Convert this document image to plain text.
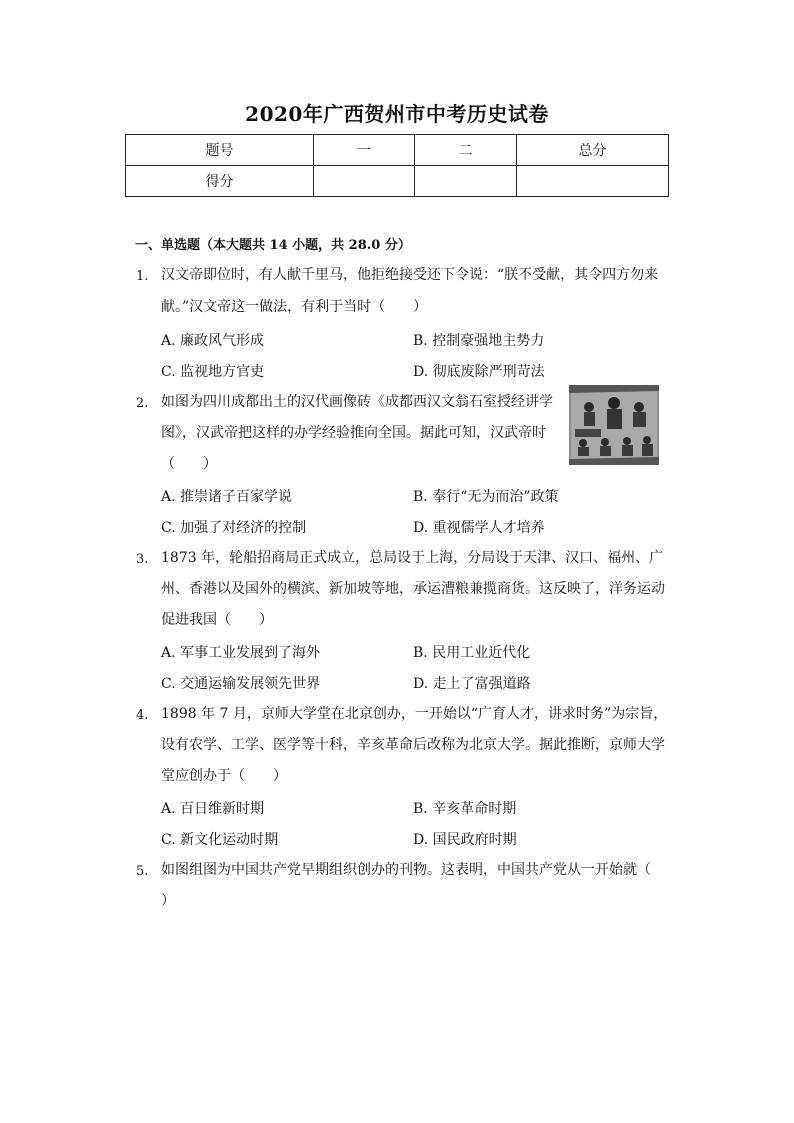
2020年广西贺州市中考历史试卷
题号	一	二	总分
得分			
一、单选题（本大题共 14 小题，共 28.0 分）
1. 汉文帝即位时，有人献千里马，他拒绝接受还下令说：“朕不受献，其令四方勿来
献。”汉文帝这一做法，有利于当时（　　）
A. 廉政风气形成	B. 控制豪强地主势力
C. 监视地方官吏	D. 彻底废除严刑苛法
2. 如图为四川成都出土的汉代画像砖《成都西汉文翁石室授经讲学
图》，汉武帝把这样的办学经验推向全国。据此可知，汉武帝时
（　　）
A. 推崇诸子百家学说	B. 奉行“无为而治”政策
C. 加强了对经济的控制	D. 重视儒学人才培养
3. 1873 年，轮船招商局正式成立，总局设于上海，分局设于天津、汉口、福州、广
州、香港以及国外的横滨、新加坡等地，承运漕粮兼揽商货。这反映了，洋务运动
促进我国（　　）
A. 军事工业发展到了海外	B. 民用工业近代化
C. 交通运输发展领先世界	D. 走上了富强道路
4. 1898 年 7 月，京师大学堂在北京创办，一开始以“广育人才，讲求时务”为宗旨，
设有农学、工学、医学等十科，辛亥革命后改称为北京大学。据此推断，京师大学
堂应创办于（　　）
A. 百日维新时期	B. 辛亥革命时期
C. 新文化运动时期	D. 国民政府时期
5. 如图组图为中国共产党早期组织创办的刊物。这表明，中国共产党从一开始就（
）
